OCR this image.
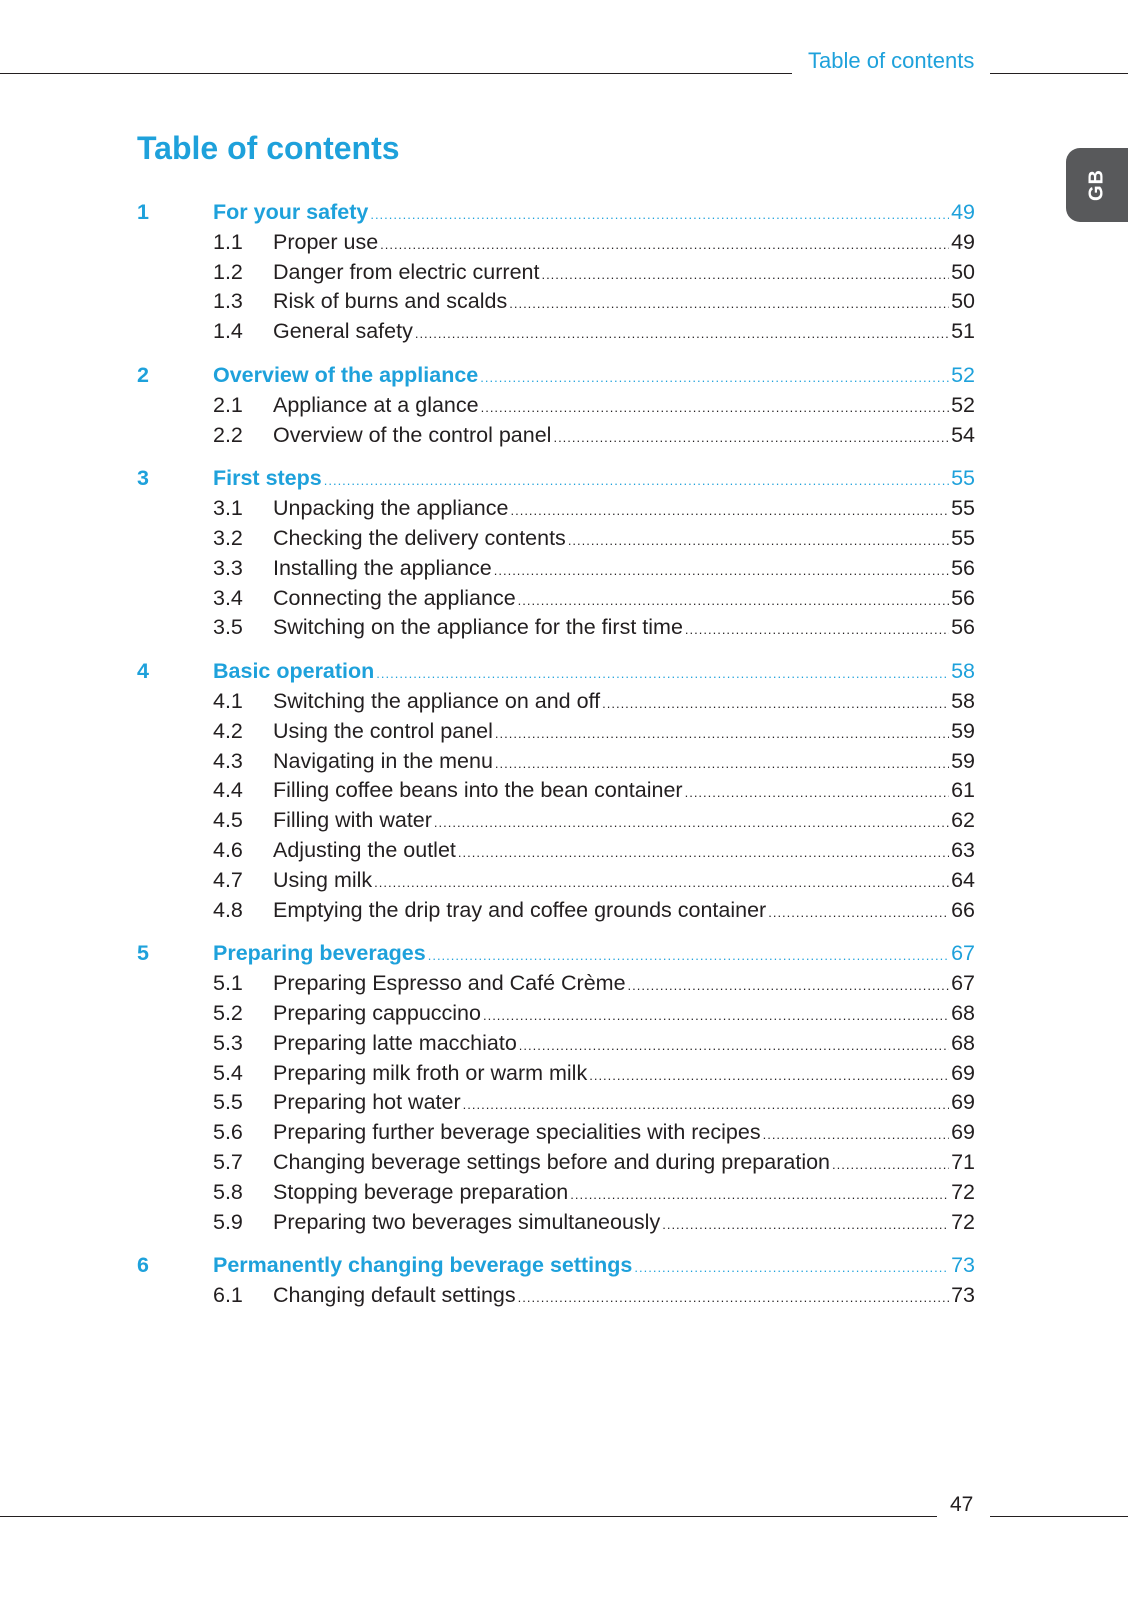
Table of contents
GB
Table of contents
1	For your safety .....	49
1.1	Proper use .....	49
1.2	Danger from electric current .....	50
1.3	Risk of burns and scalds .....	50
1.4	General safety .....	51
2	Overview of the appliance .....	52
2.1	Appliance at a glance .....	52
2.2	Overview of the control panel .....	54
3	First steps .....	55
3.1	Unpacking the appliance .....	55
3.2	Checking the delivery contents .....	55
3.3	Installing the appliance .....	56
3.4	Connecting the appliance .....	56
3.5	Switching on the appliance for the first time .....	56
4	Basic operation .....	58
4.1	Switching the appliance on and off .....	58
4.2	Using the control panel .....	59
4.3	Navigating in the menu .....	59
4.4	Filling coffee beans into the bean container .....	61
4.5	Filling with water .....	62
4.6	Adjusting the outlet .....	63
4.7	Using milk .....	64
4.8	Emptying the drip tray and coffee grounds container .....	66
5	Preparing beverages .....	67
5.1	Preparing Espresso and Café Crème .....	67
5.2	Preparing cappuccino .....	68
5.3	Preparing latte macchiato .....	68
5.4	Preparing milk froth or warm milk .....	69
5.5	Preparing hot water .....	69
5.6	Preparing further beverage specialities with recipes .....	69
5.7	Changing beverage settings before and during preparation .....	71
5.8	Stopping beverage preparation .....	72
5.9	Preparing two beverages simultaneously .....	72
6	Permanently changing beverage settings .....	73
6.1	Changing default settings .....	73
47
